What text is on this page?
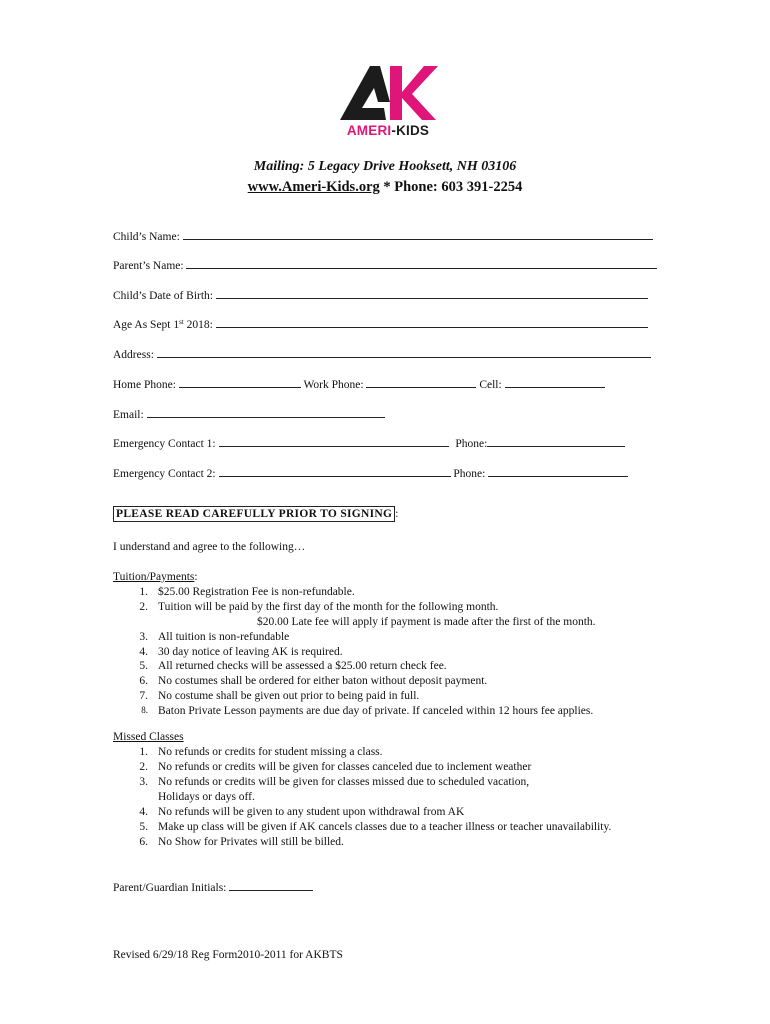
AMERI-KIDS
Mailing: 5 Legacy Drive Hooksett, NH 03106
www.Ameri-Kids.org * Phone: 603 391-2254
Child’s Name:
Parent’s Name:
Child’s Date of Birth:
Age As Sept 1st 2018:
Address:
Home Phone:	Work Phone:	Cell:
Email:
Emergency Contact 1:	Phone:
Emergency Contact 2:	Phone:
PLEASE READ CAREFULLY PRIOR TO SIGNING :
I understand and agree to the following…
Tuition/Payments:
1. $25.00 Registration Fee is non-refundable.
2. Tuition will be paid by the first day of the month for the following month.
$20.00 Late fee will apply if payment is made after the first of the month.
3. All tuition is non-refundable
4. 30 day notice of leaving AK is required.
5. All returned checks will be assessed a $25.00 return check fee.
6. No costumes shall be ordered for either baton without deposit payment.
7. No costume shall be given out prior to being paid in full.
8. Baton Private Lesson payments are due day of private. If canceled within 12 hours fee applies.
Missed Classes
1. No refunds or credits for student missing a class.
2. No refunds or credits will be given for classes canceled due to inclement weather
3. No refunds or credits will be given for classes missed due to scheduled vacation,
Holidays or days off.
4. No refunds will be given to any student upon withdrawal from AK
5. Make up class will be given if AK cancels classes due to a teacher illness or teacher unavailability.
6. No Show for Privates will still be billed.
Parent/Guardian Initials:
Revised 6/29/18 Reg Form2010-2011 for AKBTS
